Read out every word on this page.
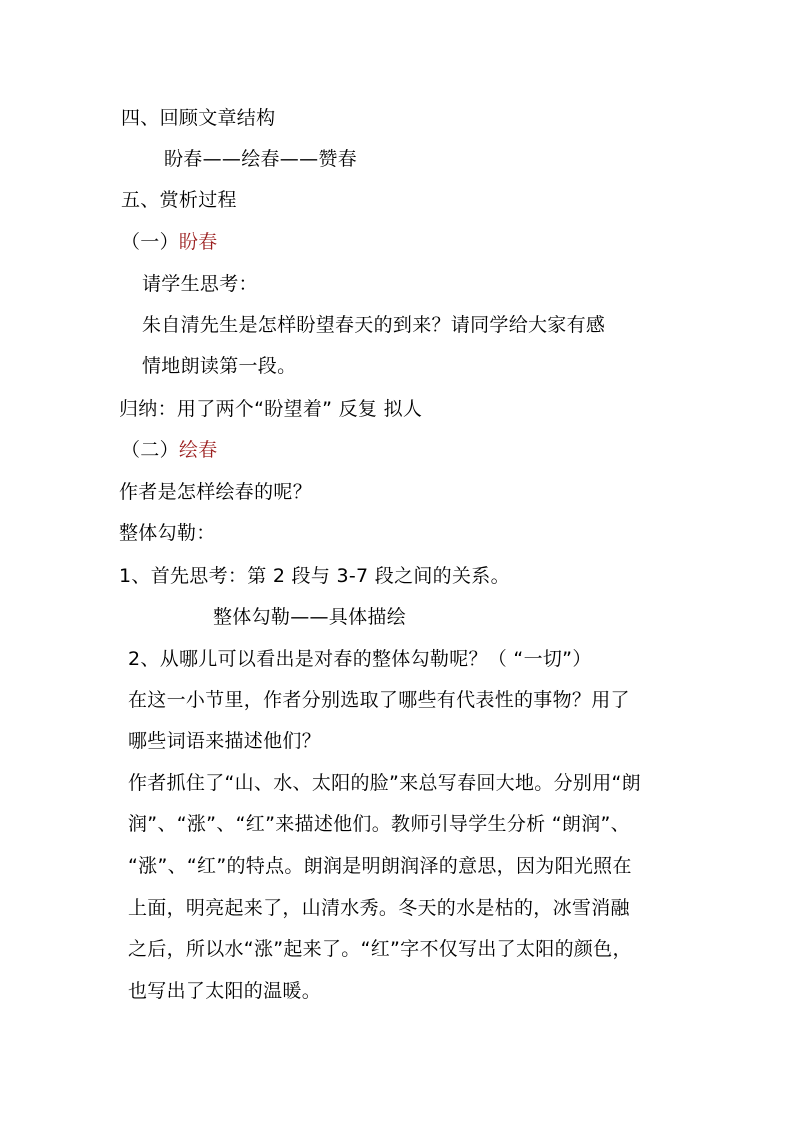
四、回顾文章结构
盼春——绘春——赞春
五、赏析过程
（一）盼春
请学生思考：
朱自清先生是怎样盼望春天的到来？请同学给大家有感
情地朗读第一段。
归纳：用了两个“盼望着” 反复 拟人
（二）绘春
作者是怎样绘春的呢？
整体勾勒：
1、首先思考：第 2 段与 3-7 段之间的关系。
整体勾勒——具体描绘
2、从哪儿可以看出是对春的整体勾勒呢？（ “一切”）
在这一小节里，作者分别选取了哪些有代表性的事物？用了
哪些词语来描述他们？
作者抓住了“山、水、太阳的脸”来总写春回大地。分别用“朗
润”、“涨”、“红”来描述他们。教师引导学生分析 “朗润”、
“涨”、“红”的特点。朗润是明朗润泽的意思，因为阳光照在
上面，明亮起来了，山清水秀。冬天的水是枯的，冰雪消融
之后，所以水“涨”起来了。“红”字不仅写出了太阳的颜色，
也写出了太阳的温暖。
